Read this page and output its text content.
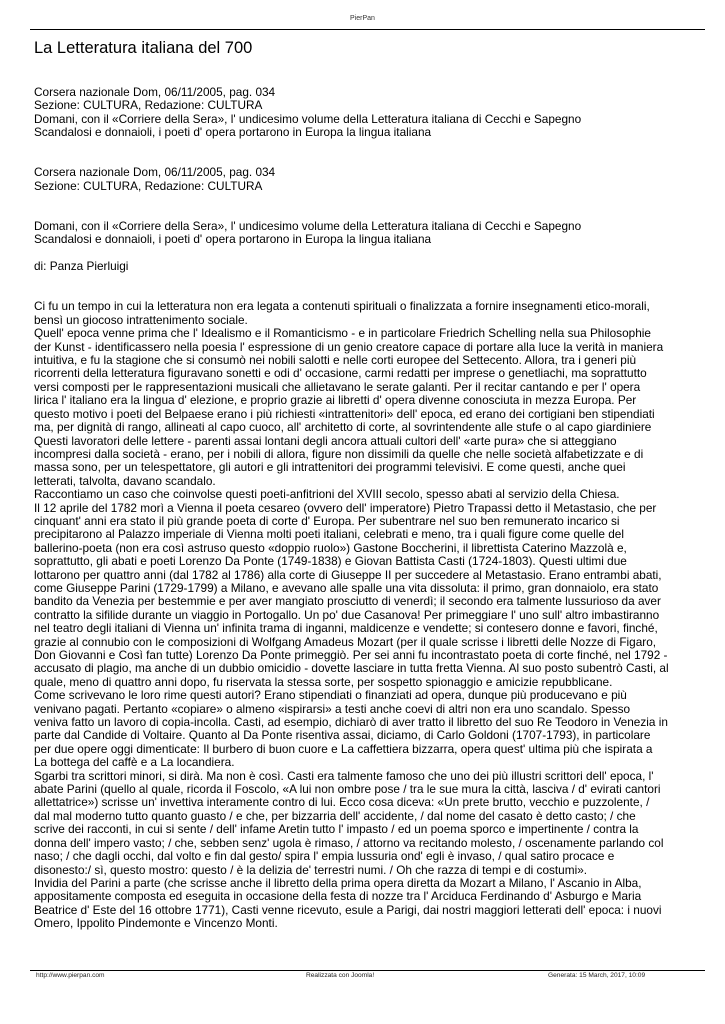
PierPan
La Letteratura italiana del 700
Corsera nazionale Dom, 06/11/2005, pag. 034
Sezione: CULTURA, Redazione: CULTURA
Domani, con il «Corriere della Sera», l' undicesimo volume della Letteratura italiana di Cecchi e Sapegno
Scandalosi e donnaioli, i poeti d' opera portarono in Europa la lingua italiana
Corsera nazionale Dom, 06/11/2005, pag. 034
Sezione: CULTURA, Redazione: CULTURA
Domani, con il «Corriere della Sera», l' undicesimo volume della Letteratura italiana di Cecchi e Sapegno
Scandalosi e donnaioli, i poeti d' opera portarono in Europa la lingua italiana
di: Panza Pierluigi
Ci fu un tempo in cui la letteratura non era legata a contenuti spirituali o finalizzata a fornire insegnamenti etico-morali,
bensì un giocoso intrattenimento sociale.
Quell' epoca venne prima che l' Idealismo e il Romanticismo - e in particolare Friedrich Schelling nella sua Philosophie
der Kunst - identificassero nella poesia l' espressione di un genio creatore capace di portare alla luce la verità in maniera
intuitiva, e fu la stagione che si consumò nei nobili salotti e nelle corti europee del Settecento. Allora, tra i generi più
ricorrenti della letteratura figuravano sonetti e odi d' occasione, carmi redatti per imprese o genetliachi, ma soprattutto
versi composti per le rappresentazioni musicali che allietavano le serate galanti. Per il recitar cantando e per l' opera
lirica l' italiano era la lingua d' elezione, e proprio grazie ai libretti d' opera divenne conosciuta in mezza Europa. Per
questo motivo i poeti del Belpaese erano i più richiesti «intrattenitori» dell' epoca, ed erano dei cortigiani ben stipendiati
ma, per dignità di rango, allineati al capo cuoco, all' architetto di corte, al sovrintendente alle stufe o al capo giardiniere
Questi lavoratori delle lettere - parenti assai lontani degli ancora attuali cultori dell' «arte pura» che si atteggiano
incompresi dalla società - erano, per i nobili di allora, figure non dissimili da quelle che nelle società alfabetizzate e di
massa sono, per un telespettatore, gli autori e gli intrattenitori dei programmi televisivi. E come questi, anche quei
letterati, talvolta, davano scandalo.
Raccontiamo un caso che coinvolse questi poeti-anfitrioni del XVIII secolo, spesso abati al servizio della Chiesa.
Il 12 aprile del 1782 morì a Vienna il poeta cesareo (ovvero dell' imperatore) Pietro Trapassi detto il Metastasio, che per
cinquant' anni era stato il più grande poeta di corte d' Europa. Per subentrare nel suo ben remunerato incarico si
precipitarono al Palazzo imperiale di Vienna molti poeti italiani, celebrati e meno, tra i quali figure come quelle del
ballerino-poeta (non era così astruso questo «doppio ruolo») Gastone Boccherini, il librettista Caterino Mazzolà e,
soprattutto, gli abati e poeti Lorenzo Da Ponte (1749-1838) e Giovan Battista Casti (1724-1803). Questi ultimi due
lottarono per quattro anni (dal 1782 al 1786) alla corte di Giuseppe II per succedere al Metastasio. Erano entrambi abati,
come Giuseppe Parini (1729-1799) a Milano, e avevano alle spalle una vita dissoluta: il primo, gran donnaiolo, era stato
bandito da Venezia per bestemmie e per aver mangiato prosciutto di venerdì; il secondo era talmente lussurioso da aver
contratto la sifilide durante un viaggio in Portogallo. Un po' due Casanova! Per primeggiare l' uno sull' altro imbastiranno
nel teatro degli italiani di Vienna un' infinita trama di inganni, maldicenze e vendette; si contesero donne e favori, finché,
grazie al connubio con le composizioni di Wolfgang Amadeus Mozart (per il quale scrisse i libretti delle Nozze di Figaro,
Don Giovanni e Così fan tutte) Lorenzo Da Ponte primeggiò. Per sei anni fu incontrastato poeta di corte finché, nel 1792 -
accusato di plagio, ma anche di un dubbio omicidio - dovette lasciare in tutta fretta Vienna. Al suo posto subentrò Casti, al
quale, meno di quattro anni dopo, fu riservata la stessa sorte, per sospetto spionaggio e amicizie repubblicane.
Come scrivevano le loro rime questi autori? Erano stipendiati o finanziati ad opera, dunque più producevano e più
venivano pagati. Pertanto «copiare» o almeno «ispirarsi» a testi anche coevi di altri non era uno scandalo. Spesso
veniva fatto un lavoro di copia-incolla. Casti, ad esempio, dichiarò di aver tratto il libretto del suo Re Teodoro in Venezia in
parte dal Candide di Voltaire. Quanto al Da Ponte risentiva assai, diciamo, di Carlo Goldoni (1707-1793), in particolare
per due opere oggi dimenticate: Il burbero di buon cuore e La caffettiera bizzarra, opera quest' ultima più che ispirata a
La bottega del caffè e a La locandiera.
Sgarbi tra scrittori minori, si dirà. Ma non è così. Casti era talmente famoso che uno dei più illustri scrittori dell' epoca, l'
abate Parini (quello al quale, ricorda il Foscolo, «A lui non ombre pose / tra le sue mura la città, lasciva / d' evirati cantori
allettatrice») scrisse un' invettiva interamente contro di lui. Ecco cosa diceva: «Un prete brutto, vecchio e puzzolente, /
dal mal moderno tutto quanto guasto / e che, per bizzarria dell' accidente, / dal nome del casato è detto casto; / che
scrive dei racconti, in cui si sente / dell' infame Aretin tutto l' impasto / ed un poema sporco e impertinente / contra la
donna dell' impero vasto; / che, sebben senz' ugola è rimaso, / attorno va recitando molesto, / oscenamente parlando col
naso; / che dagli occhi, dal volto e fin dal gesto/ spira l' empia lussuria ond' egli è invaso, / qual satiro procace e
disonesto:/ sì, questo mostro: questo / è la delizia de' terrestri numi. / Oh che razza di tempi e di costumi».
Invidia del Parini a parte (che scrisse anche il libretto della prima opera diretta da Mozart a Milano, l' Ascanio in Alba,
appositamente composta ed eseguita in occasione della festa di nozze tra l' Arciduca Ferdinando d' Asburgo e Maria
Beatrice d' Este del 16 ottobre 1771), Casti venne ricevuto, esule a Parigi, dai nostri maggiori letterati dell' epoca: i nuovi
Omero, Ippolito Pindemonte e Vincenzo Monti.
http://www.pierpan.com	Realizzata con Joomla!	Generata: 15 March, 2017, 10:09
